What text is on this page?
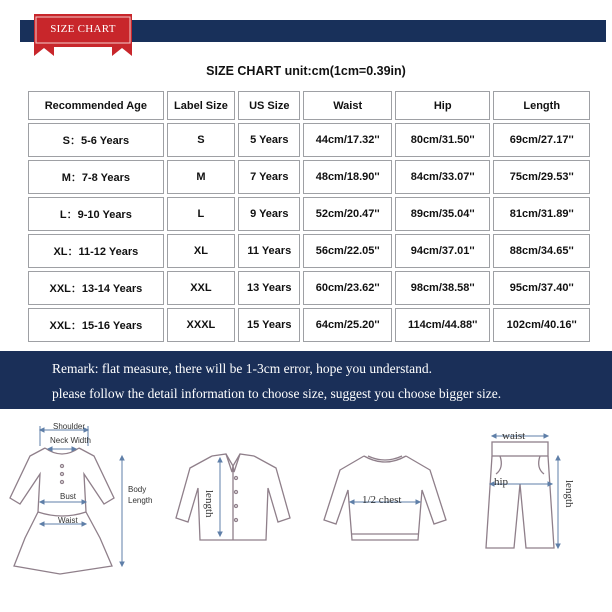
SIZE CHART
SIZE CHART unit:cm(1cm=0.39in)
Recommended Age	Label Size	US Size	Waist	Hip	Length
S：5-6 Years	S	5 Years	44cm/17.32''	80cm/31.50''	69cm/27.17''
M：7-8 Years	M	7 Years	48cm/18.90''	84cm/33.07''	75cm/29.53''
L：9-10 Years	L	9 Years	52cm/20.47''	89cm/35.04''	81cm/31.89''
XL：11-12 Years	XL	11 Years	56cm/22.05''	94cm/37.01''	88cm/34.65''
XXL：13-14 Years	XXL	13 Years	60cm/23.62''	98cm/38.58''	95cm/37.40''
XXL：15-16 Years	XXXL	15 Years	64cm/25.20''	114cm/44.88''	102cm/40.16''
Remark: flat measure, there will be 1-3cm error, hope you understand.
please follow the detail information to choose size, suggest you choose bigger size.
Shoulder
Neck Width
Bust
Body Length
Waist
length	1/2 chest
waist
hip	length
